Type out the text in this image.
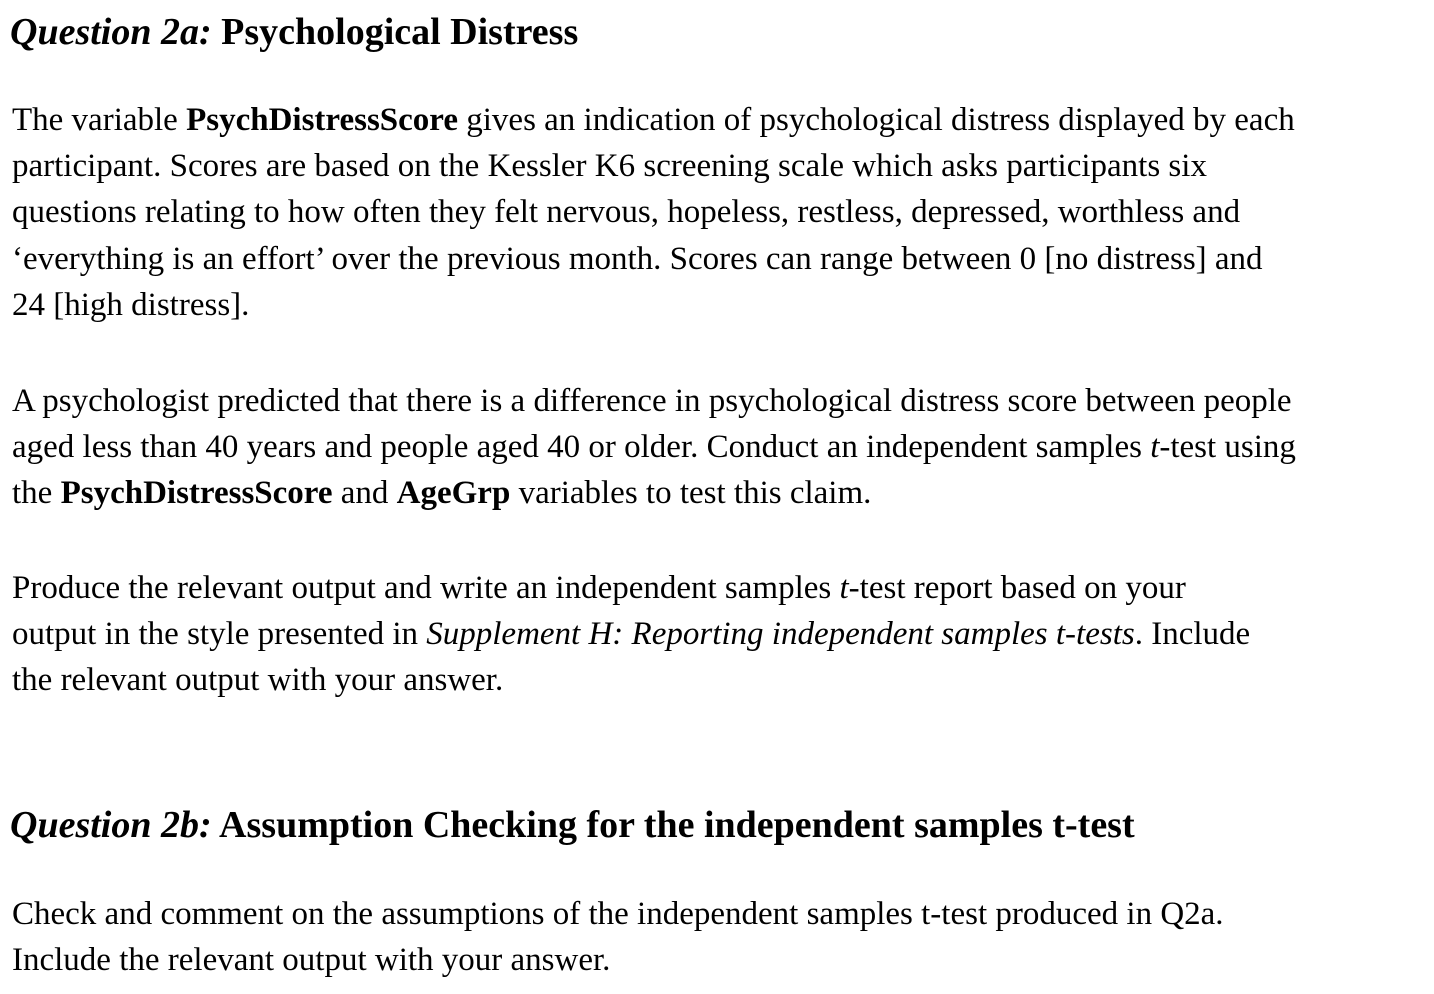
Question 2a: Psychological Distress
The variable PsychDistressScore gives an indication of psychological distress displayed by each
participant. Scores are based on the Kessler K6 screening scale which asks participants six
questions relating to how often they felt nervous, hopeless, restless, depressed, worthless and
‘everything is an effort’ over the previous month. Scores can range between 0 [no distress] and
24 [high distress].
A psychologist predicted that there is a difference in psychological distress score between people
aged less than 40 years and people aged 40 or older. Conduct an independent samples t-test using
the PsychDistressScore and AgeGrp variables to test this claim.
Produce the relevant output and write an independent samples t-test report based on your
output in the style presented in Supplement H: Reporting independent samples t-tests. Include
the relevant output with your answer.
Question 2b: Assumption Checking for the independent samples t-test
Check and comment on the assumptions of the independent samples t-test produced in Q2a.
Include the relevant output with your answer.
